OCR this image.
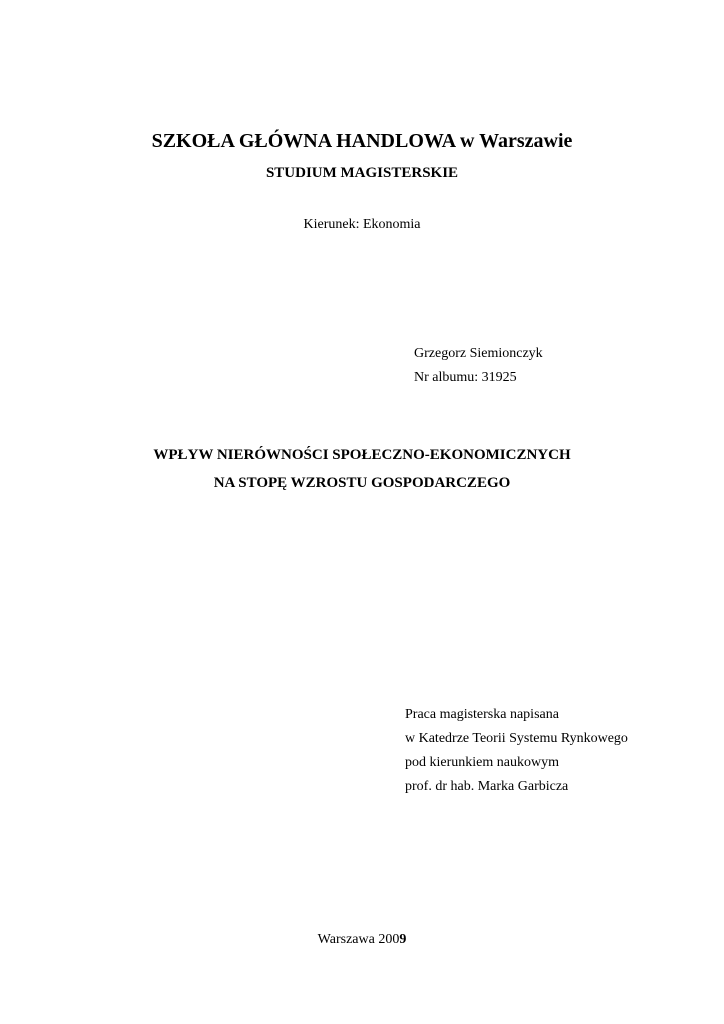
SZKOŁA GŁÓWNA HANDLOWA w Warszawie
STUDIUM MAGISTERSKIE
Kierunek: Ekonomia
Grzegorz Siemionczyk
Nr albumu: 31925
WPŁYW NIERÓWNOŚCI SPOŁECZNO-EKONOMICZNYCH
NA STOPĘ WZROSTU GOSPODARCZEGO
Praca magisterska napisana
w Katedrze Teorii Systemu Rynkowego
pod kierunkiem naukowym
prof. dr hab. Marka Garbicza
Warszawa 2009
